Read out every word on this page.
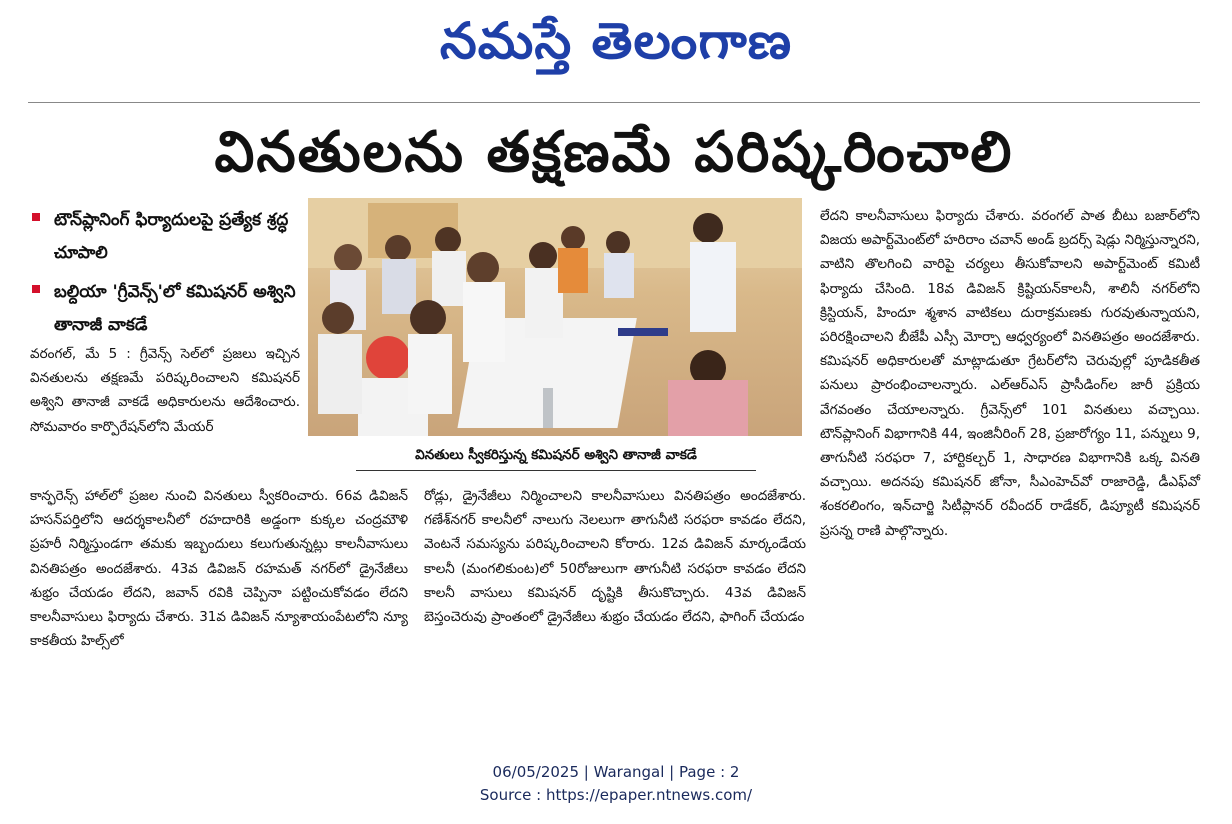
నమస్తే తెలంగాణ
వినతులను తక్షణమే పరిష్కరించాలి
టౌన్‌ప్లానింగ్ ఫిర్యాదులపై ప్రత్యేక శ్రద్ధ చూపాలి
బల్దియా 'గ్రీవెన్స్'లో కమిషనర్ అశ్విని తానాజీ వాకడే
వరంగల్, మే 5 : గ్రీవెన్స్ సెల్‌లో ప్రజలు ఇచ్చిన వినతులను తక్షణమే పరిష్కరించాలని కమిషనర్ అశ్విని తానాజీ వాకడే అధికారులను ఆదేశించారు. సోమవారం కార్పొరేషన్‌లోని మేయర్
వినతులు స్వీకరిస్తున్న కమిషనర్ అశ్విని తానాజీ వాకడే
కాన్ఫరెన్స్ హాల్‌లో ప్రజల నుంచి వినతులు స్వీకరించారు. 66వ డివిజన్ హసన్‌పర్తిలోని ఆదర్శకాలనీలో రహదారికి అడ్డంగా కుక్కల చంద్రమౌళి ప్రహరీ నిర్మిస్తుండగా తమకు ఇబ్బందులు కలుగుతున్నట్లు కాలనీవాసులు వినతిపత్రం అందజేశారు. 43వ డివిజన్ రహమత్ నగర్‌లో డ్రైనేజీలు శుభ్రం చేయడం లేదని, జవాన్ రవికి చెప్పినా పట్టించుకోవడం లేదని కాలనీవాసులు ఫిర్యాదు చేశారు. 31వ డివిజన్ న్యూశాయంపేటలోని న్యూ కాకతీయ హిల్స్‌లో
రోడ్లు, డ్రైనేజీలు నిర్మించాలని కాలనీవాసులు వినతిపత్రం అందజేశారు. గణేశ్‌నగర్ కాలనీలో నాలుగు నెలలుగా తాగునీటి సరఫరా కావడం లేదని, వెంటనే సమస్యను పరిష్కరించాలని కోరారు. 12వ డివిజన్ మార్కండేయ కాలనీ (మంగలికుంట)లో 50రోజులుగా తాగునీటి సరఫరా కావడం లేదని కాలనీ వాసులు కమిషనర్ దృష్టికి తీసుకొచ్చారు. 43వ డివిజన్ బెస్తంచెరువు ప్రాంతంలో డ్రైనేజీలు శుభ్రం చేయడం లేదని, ఫాగింగ్ చేయడం
లేదని కాలనీవాసులు ఫిర్యాదు చేశారు. వరంగల్ పాత బీటు బజార్‌లోని విజయ అపార్ట్‌మెంట్‌లో హరిరాం చవాన్ అండ్ బ్రదర్స్ షెడ్లు నిర్మిస్తున్నారని, వాటిని తొలగించి వారిపై చర్యలు తీసుకోవాలని అపార్ట్‌మెంట్ కమిటీ ఫిర్యాదు చేసింది. 18వ డివిజన్ క్రిష్టియన్‌కాలనీ, శాలినీ నగర్‌లోని క్రిస్టియన్, హిందూ శ్మశాన వాటికలు దురాక్రమణకు గురవుతున్నాయని, పరిరక్షించాలని బీజేపీ ఎస్సీ మోర్చా ఆధ్వర్యంలో వినతిపత్రం అందజేశారు. కమిషనర్ అధికారులతో మాట్లాడుతూ గ్రేటర్‌లోని చెరువుల్లో పూడికతీత పనులు ప్రారంభించాలన్నారు. ఎల్‌ఆర్‌ఎస్ ప్రాసీడింగ్‌ల జారీ ప్రక్రియ వేగవంతం చేయాలన్నారు. గ్రీవెన్స్‌లో 101 వినతులు వచ్చాయి. టౌన్‌ప్లానింగ్ విభాగానికి 44, ఇంజినీరింగ్ 28, ప్రజారోగ్యం 11, పన్నులు 9, తాగునీటి సరఫరా 7, హార్టికల్చర్ 1, సాధారణ విభాగానికి ఒక్క వినతి వచ్చాయి. అదనపు కమిషనర్ జోనా, సీఎంహెచ్‌వో రాజారెడ్డి, డీఎఫ్‌వో శంకరలింగం, ఇన్‌చార్జి సిటీప్లానర్ రవీందర్ రాడేకర్, డిప్యూటీ కమిషనర్ ప్రసన్న రాణి పాల్గొన్నారు.
06/05/2025 | Warangal | Page : 2
Source : https://epaper.ntnews.com/
